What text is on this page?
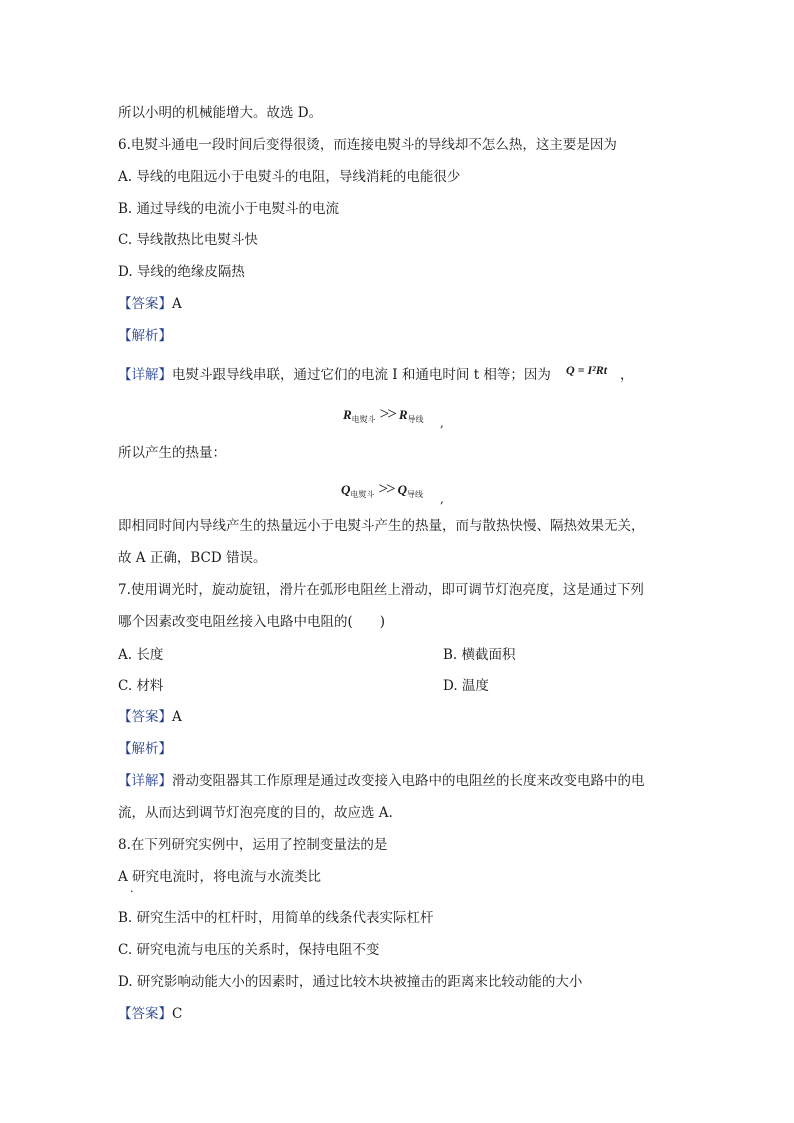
所以小明的机械能增大。故选 D。
6.电熨斗通电一段时间后变得很烫，而连接电熨斗的导线却不怎么热，这主要是因为
A. 导线的电阻远小于电熨斗的电阻，导线消耗的电能很少
B. 通过导线的电流小于电熨斗的电流
C. 导线散热比电熨斗快
D. 导线的绝缘皮隔热
【答案】A
【解析】
【详解】电熨斗跟导线串联，通过它们的电流 I 和通电时间 t 相等；因为 Q = I²Rt ，
$R_{电熨斗} >> R_{导线}$ ,
所以产生的热量：
$Q_{电熨斗} >> Q_{导线}$ ,
即相同时间内导线产生的热量远小于电熨斗产生的热量，而与散热快慢、隔热效果无关，
故 A 正确，BCD 错误。
7.使用调光时，旋动旋钮，滑片在弧形电阻丝上滑动，即可调节灯泡亮度，这是通过下列
哪个因素改变电阻丝接入电路中电阻的(　　)
A. 长度	B. 横截面积
C. 材料	D. 温度
【答案】A
【解析】
【详解】滑动变阻器其工作原理是通过改变接入电路中的电阻丝的长度来改变电路中的电
流，从而达到调节灯泡亮度的目的，故应选 A.
8.在下列研究实例中，运用了控制变量法的是
A 研究电流时，将电流与水流类比
·
B. 研究生活中的杠杆时，用简单的线条代表实际杠杆
C. 研究电流与电压的关系时，保持电阻不变
D. 研究影响动能大小的因素时，通过比较木块被撞击的距离来比较动能的大小
【答案】C
